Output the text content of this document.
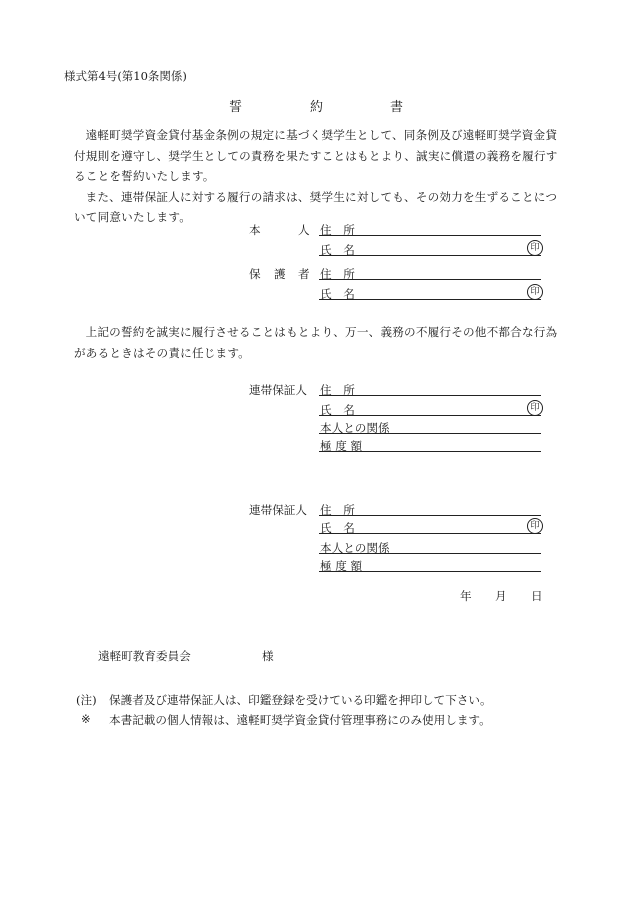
様式第4号(第10条関係)
誓	約	書

遠軽町奨学資金貸付基金条例の規定に基づく奨学生として、同条例及び遠軽町奨学資金貸付規則を遵守し、奨学生としての責務を果たすことはもとより、誠実に償還の義務を履行することを誓約いたします。

また、連帯保証人に対する履行の請求は、奨学生に対しても、その効力を生ずることについて同意いたします。

本	人 住　所
氏　名	印
保 護 者 住　所
氏　名	印

上記の誓約を誠実に履行させることはもとより、万一、義務の不履行その他不都合な行為があるときはその責に任じます。

連帯保証人 住　所
氏　名	印
本人との関係
極 度 額
連帯保証人 住　所
氏　名	印
本人との関係
極 度 額
年 月 日
遠軽町教育委員会	様
(注) 保護者及び連帯保証人は、印鑑登録を受けている印鑑を押印して下さい。
※ 本書記載の個人情報は、遠軽町奨学資金貸付管理事務にのみ使用します。
